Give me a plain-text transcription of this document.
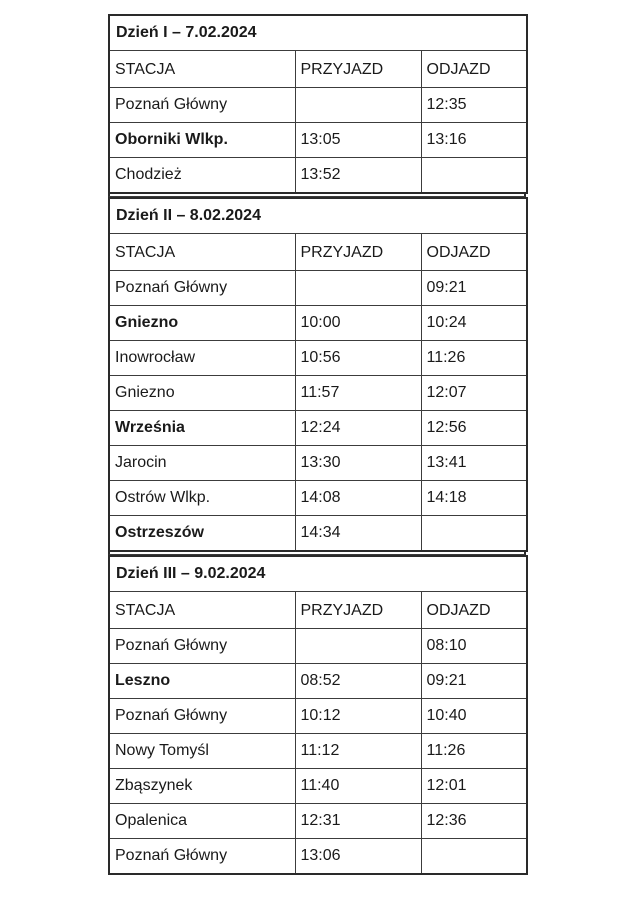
Dzień I – 7.02.2024		
STACJA	PRZYJAZD	ODJAZD
Poznań Główny		12:35
Oborniki Wlkp.	13:05	13:16
Chodzież	13:52	
Dzień II – 8.02.2024		
STACJA	PRZYJAZD	ODJAZD
Poznań Główny		09:21
Gniezno	10:00	10:24
Inowrocław	10:56	11:26
Gniezno	11:57	12:07
Września	12:24	12:56
Jarocin	13:30	13:41
Ostrów Wlkp.	14:08	14:18
Ostrzeszów	14:34	
Dzień III – 9.02.2024		
STACJA	PRZYJAZD	ODJAZD
Poznań Główny		08:10
Leszno	08:52	09:21
Poznań Główny	10:12	10:40
Nowy Tomyśl	11:12	11:26
Zbąszynek	11:40	12:01
Opalenica	12:31	12:36
Poznań Główny	13:06	
